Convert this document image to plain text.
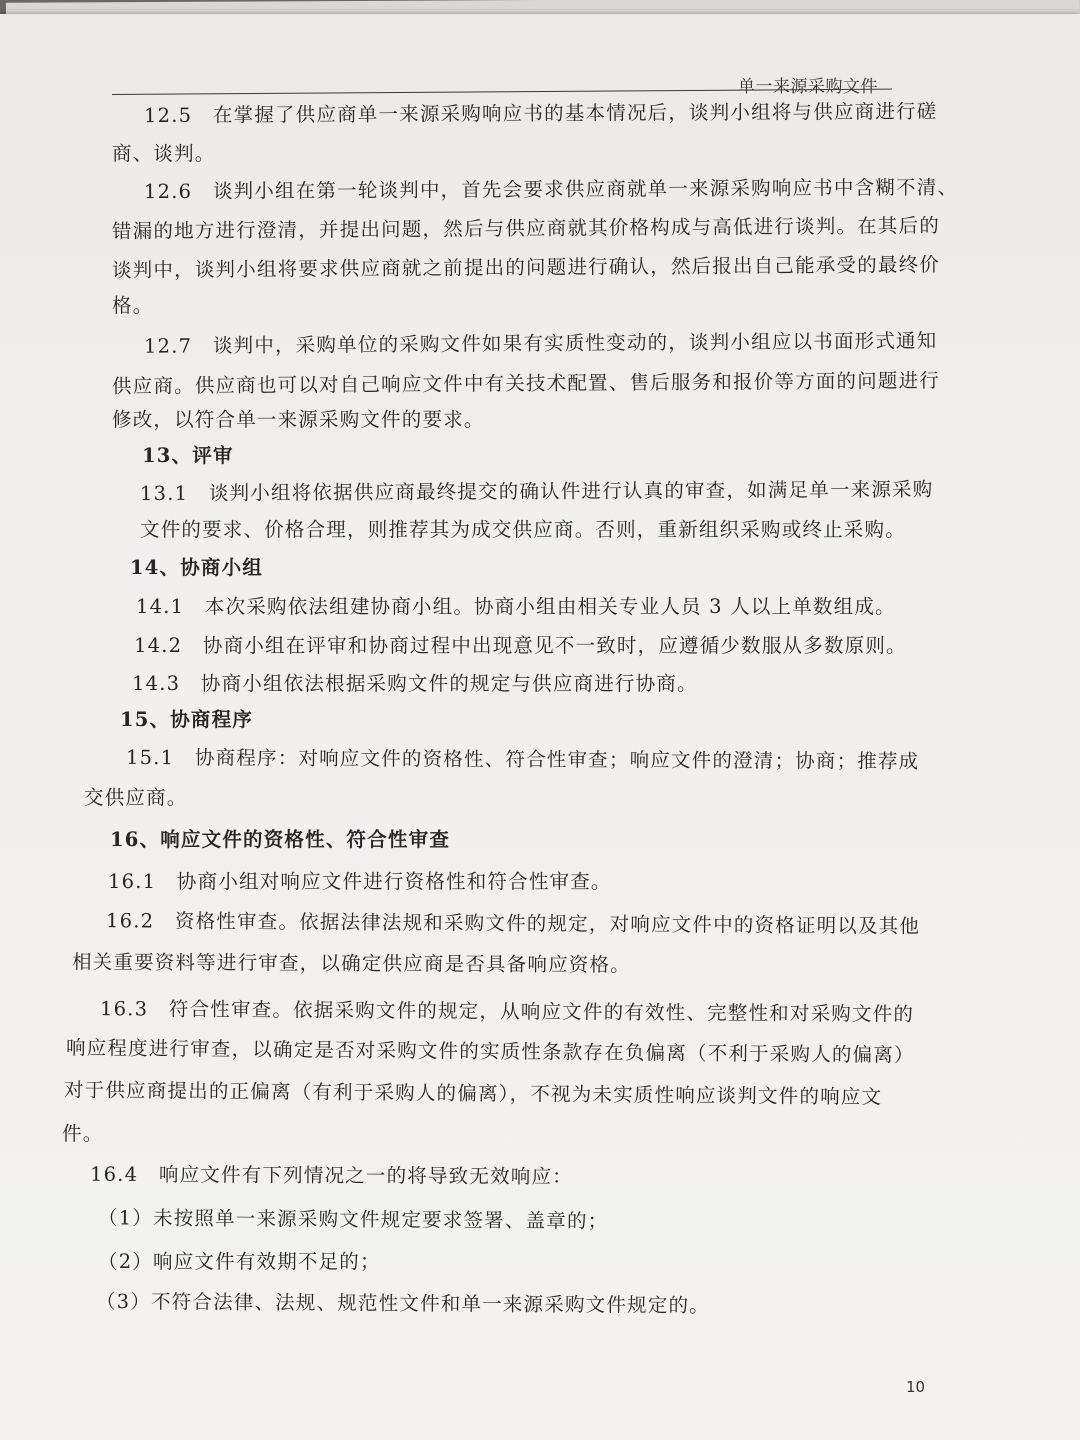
单一来源采购文件
12.5　在掌握了供应商单一来源采购响应书的基本情况后，谈判小组将与供应商进行磋
商、谈判。
12.6　谈判小组在第一轮谈判中，首先会要求供应商就单一来源采购响应书中含糊不清、
错漏的地方进行澄清，并提出问题，然后与供应商就其价格构成与高低进行谈判。在其后的
谈判中，谈判小组将要求供应商就之前提出的问题进行确认，然后报出自己能承受的最终价
格。
12.7　谈判中，采购单位的采购文件如果有实质性变动的，谈判小组应以书面形式通知
供应商。供应商也可以对自己响应文件中有关技术配置、售后服务和报价等方面的问题进行
修改，以符合单一来源采购文件的要求。
13、评审
13.1　谈判小组将依据供应商最终提交的确认件进行认真的审查，如满足单一来源采购
文件的要求、价格合理，则推荐其为成交供应商。否则，重新组织采购或终止采购。
14、协商小组
14.1　本次采购依法组建协商小组。协商小组由相关专业人员 3 人以上单数组成。
14.2　协商小组在评审和协商过程中出现意见不一致时，应遵循少数服从多数原则。
14.3　协商小组依法根据采购文件的规定与供应商进行协商。
15、协商程序
15.1　协商程序：对响应文件的资格性、符合性审查；响应文件的澄清；协商；推荐成
交供应商。
16、响应文件的资格性、符合性审查
16.1　协商小组对响应文件进行资格性和符合性审查。
16.2　资格性审查。依据法律法规和采购文件的规定，对响应文件中的资格证明以及其他
相关重要资料等进行审查，以确定供应商是否具备响应资格。
16.3　符合性审查。依据采购文件的规定，从响应文件的有效性、完整性和对采购文件的
响应程度进行审查，以确定是否对采购文件的实质性条款存在负偏离（不利于采购人的偏离）
对于供应商提出的正偏离（有利于采购人的偏离），不视为未实质性响应谈判文件的响应文
件。
16.4　响应文件有下列情况之一的将导致无效响应：
（1）未按照单一来源采购文件规定要求签署、盖章的；
（2）响应文件有效期不足的；
（3）不符合法律、法规、规范性文件和单一来源采购文件规定的。
10
